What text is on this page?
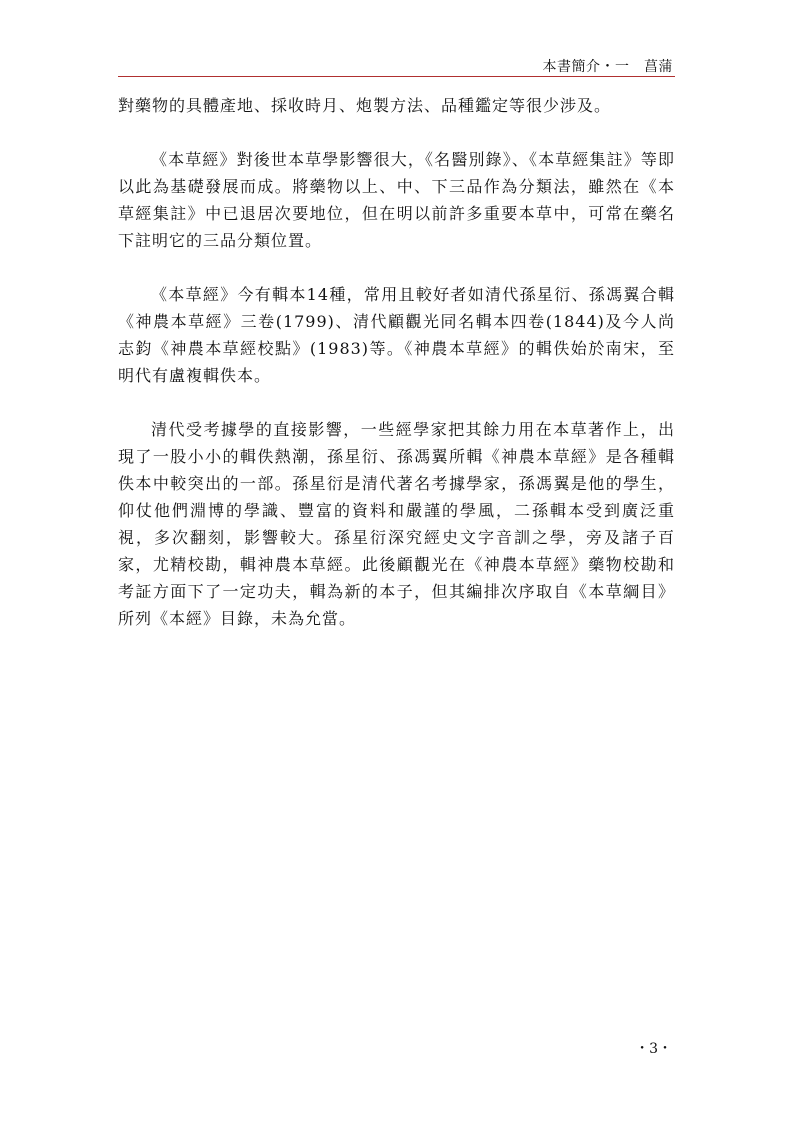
本書簡介・一　菖蒲

對藥物的具體產地、採收時月、炮製方法、品種鑑定等很少涉及。

《本草經》對後世本草學影響很大，《名醫別錄》、《本草經集註》等即以此為基礎發展而成。將藥物以上、中、下三品作為分類法，雖然在《本草經集註》中已退居次要地位，但在明以前許多重要本草中，可常在藥名下註明它的三品分類位置。

《本草經》今有輯本14種，常用且較好者如清代孫星衍、孫馮翼合輯《神農本草經》三卷(1799)、清代顧觀光同名輯本四卷(1844)及今人尚志鈞《神農本草經校點》(1983)等。《神農本草經》的輯佚始於南宋，至明代有盧複輯佚本。

清代受考據學的直接影響，一些經學家把其餘力用在本草著作上，出現了一股小小的輯佚熱潮，孫星衍、孫馮翼所輯《神農本草經》是各種輯佚本中較突出的一部。孫星衍是清代著名考據學家，孫馮翼是他的學生，仰仗他們淵博的學識、豐富的資料和嚴謹的學風，二孫輯本受到廣泛重視，多次翻刻，影響較大。孫星衍深究經史文字音訓之學，旁及諸子百家，尤精校勘，輯神農本草經。此後顧觀光在《神農本草經》藥物校勘和考証方面下了一定功夫，輯為新的本子，但其編排次序取自《本草綱目》所列《本經》目錄，未為允當。

・3・
